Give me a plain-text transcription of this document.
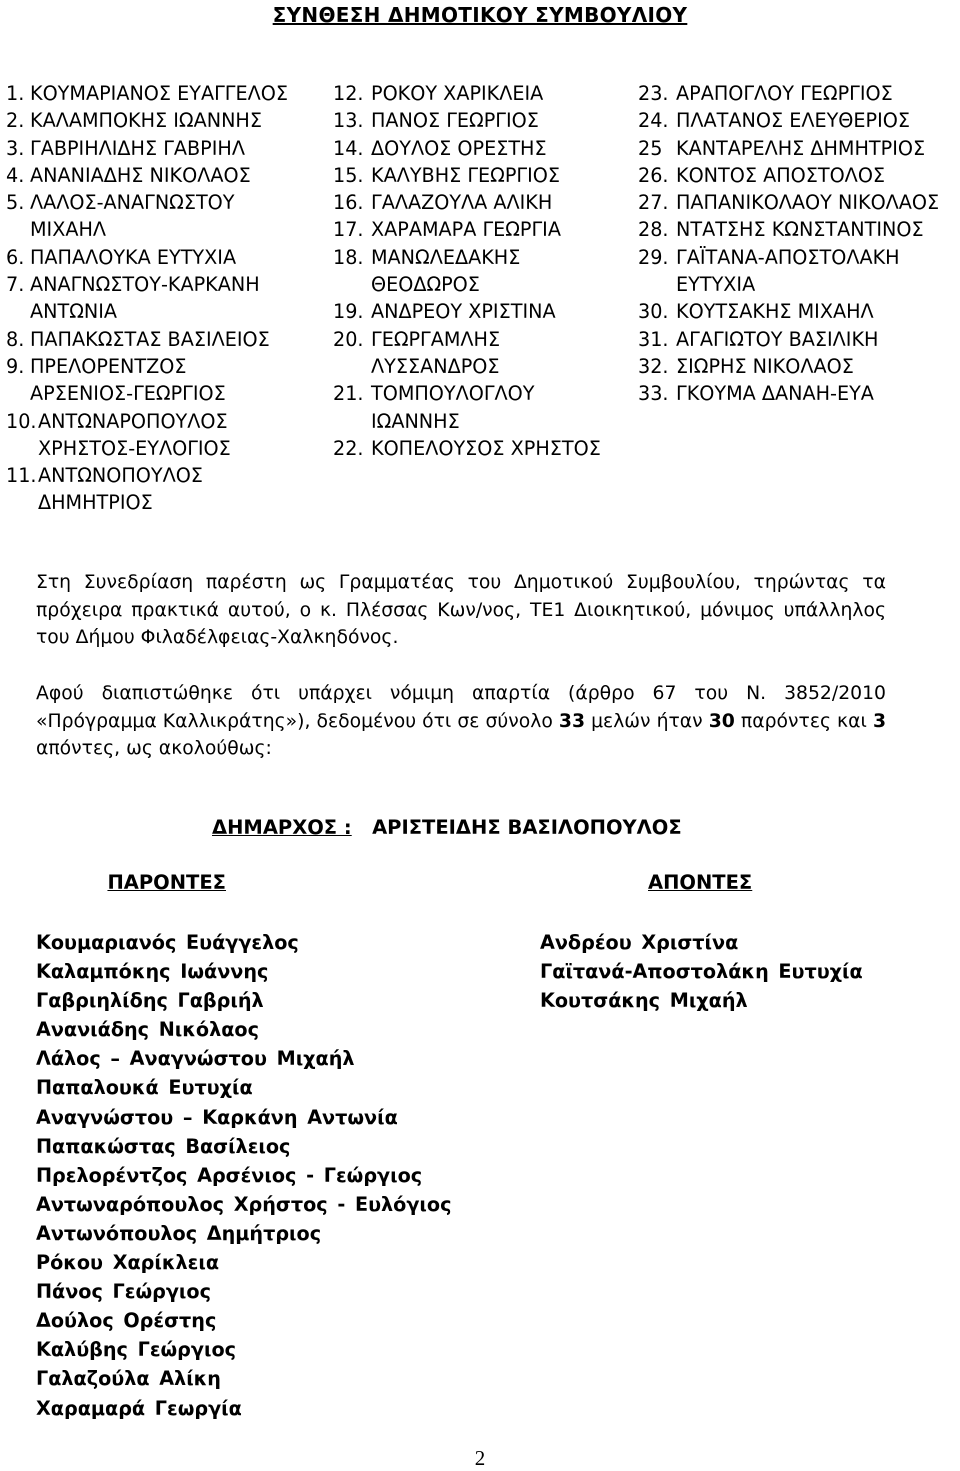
ΣΥΝΘΕΣΗ ΔΗΜΟΤΙΚΟΥ ΣΥΜΒΟΥΛΙΟΥ
1. ΚΟΥΜΑΡΙΑΝΟΣ ΕΥΑΓΓΕΛΟΣ
2. ΚΑΛΑΜΠΟΚΗΣ ΙΩΑΝΝΗΣ
3. ΓΑΒΡΙΗΛΙΔΗΣ ΓΑΒΡΙΗΛ
4. ΑΝΑΝΙΑΔΗΣ ΝΙΚΟΛΑΟΣ
5. ΛΑΛΟΣ-ΑΝΑΓΝΩΣΤΟΥ
ΜΙΧΑΗΛ
6. ΠΑΠΑΛΟΥΚΑ ΕΥΤΥΧΙΑ
7. ΑΝΑΓΝΩΣΤΟΥ-ΚΑΡΚΑΝΗ
ΑΝΤΩΝΙΑ
8. ΠΑΠΑΚΩΣΤΑΣ ΒΑΣΙΛΕΙΟΣ
9. ΠΡΕΛΟΡΕΝΤΖΟΣ
ΑΡΣΕΝΙΟΣ-ΓΕΩΡΓΙΟΣ
10. ΑΝΤΩΝΑΡΟΠΟΥΛΟΣ
ΧΡΗΣΤΟΣ-ΕΥΛΟΓΙΟΣ
11. ΑΝΤΩΝΟΠΟΥΛΟΣ
ΔΗΜΗΤΡΙΟΣ
12. ΡΟΚΟΥ ΧΑΡΙΚΛΕΙΑ
13. ΠΑΝΟΣ ΓΕΩΡΓΙΟΣ
14. ΔΟΥΛΟΣ ΟΡΕΣΤΗΣ
15. ΚΑΛΥΒΗΣ ΓΕΩΡΓΙΟΣ
16. ΓΑΛΑΖΟΥΛΑ ΑΛΙΚΗ
17. ΧΑΡΑΜΑΡΑ ΓΕΩΡΓΙΑ
18. ΜΑΝΩΛΕΔΑΚΗΣ
ΘΕΟΔΩΡΟΣ
19. ΑΝΔΡΕΟΥ ΧΡΙΣΤΙΝΑ
20. ΓΕΩΡΓΑΜΛΗΣ
ΛΥΣΣΑΝΔΡΟΣ
21. ΤΟΜΠΟΥΛΟΓΛΟΥ
ΙΩΑΝΝΗΣ
22. ΚΟΠΕΛΟΥΣΟΣ ΧΡΗΣΤΟΣ
23. ΑΡΑΠΟΓΛΟΥ ΓΕΩΡΓΙΟΣ
24. ΠΛΑΤΑΝΟΣ ΕΛΕΥΘΕΡΙΟΣ
25 ΚΑΝΤΑΡΕΛΗΣ ΔΗΜΗΤΡΙΟΣ
26. ΚΟΝΤΟΣ ΑΠΟΣΤΟΛΟΣ
27. ΠΑΠΑΝΙΚΟΛΑΟΥ ΝΙΚΟΛΑΟΣ
28. ΝΤΑΤΣΗΣ ΚΩΝΣΤΑΝΤΙΝΟΣ
29. ΓΑΪΤΑΝΑ-ΑΠΟΣΤΟΛΑΚΗ
ΕΥΤΥΧΙΑ
30. ΚΟΥΤΣΑΚΗΣ ΜΙΧΑΗΛ
31. ΑΓΑΓΙΩΤΟΥ ΒΑΣΙΛΙΚΗ
32. ΣΙΩΡΗΣ ΝΙΚΟΛΑΟΣ
33. ΓΚΟΥΜΑ ΔΑΝΑΗ-ΕΥΑ
Στη Συνεδρίαση παρέστη ως Γραμματέας του Δημοτικού Συμβουλίου, τηρώντας τα πρόχειρα πρακτικά αυτού, ο κ. Πλέσσας Κων/νος, ΤΕ1 Διοικητικού, μόνιμος υπάλληλος του Δήμου Φιλαδέλφειας-Χαλκηδόνος.
Αφού διαπιστώθηκε ότι υπάρχει νόμιμη απαρτία (άρθρο 67 του Ν. 3852/2010 «Πρόγραμμα Καλλικράτης»), δεδομένου ότι σε σύνολο 33 μελών ήταν 30 παρόντες και 3 απόντες, ως ακολούθως:
ΔΗΜΑΡΧΟΣ : ΑΡΙΣΤΕΙΔΗΣ ΒΑΣΙΛΟΠΟΥΛΟΣ
ΠΑΡΟΝΤΕΣ	ΑΠΟΝΤΕΣ
Κουμαριανός Ευάγγελος
Καλαμπόκης Ιωάννης
Γαβριηλίδης Γαβριήλ
Ανανιάδης Νικόλαος
Λάλος – Αναγνώστου Μιχαήλ
Παπαλουκά Ευτυχία
Αναγνώστου – Καρκάνη Αντωνία
Παπακώστας Βασίλειος
Πρελορέντζος Αρσένιος - Γεώργιος
Αντωναρόπουλος Χρήστος - Ευλόγιος
Αντωνόπουλος Δημήτριος
Ρόκου Χαρίκλεια
Πάνος Γεώργιος
Δούλος Ορέστης
Καλύβης Γεώργιος
Γαλαζούλα Αλίκη
Χαραμαρά Γεωργία
Ανδρέου Χριστίνα
Γαϊτανά-Αποστολάκη Ευτυχία
Κουτσάκης Μιχαήλ
2
